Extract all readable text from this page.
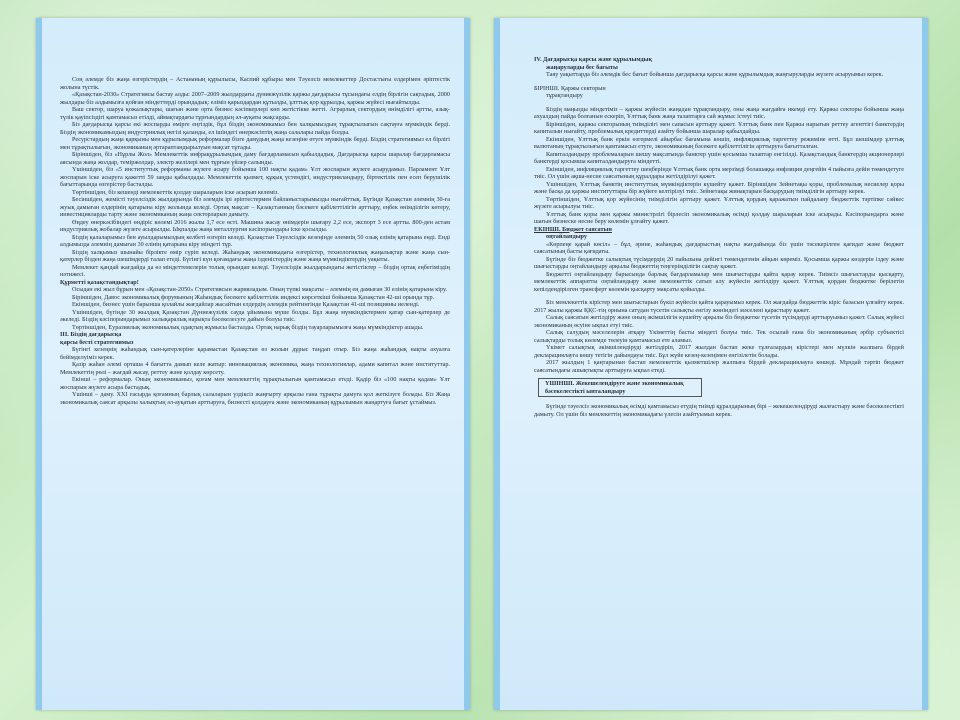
Соң əлемде біз жаңа өзгерістердің – Астананың құрылысы, Каспий құбыры мен Тəуелсіз мемлекеттер Достастығы елдерімен əріптестік жолына түстік.

«Қазақстан-2030» Стратегиясы бастау алды: 2007–2009 жылдардағы дүниежүзілік қаржы дағдарысы тұсындағы елдің бірлігін сақтадық. 2000 жылдары біз алдымызға қойған міндеттерді орындадық: еліміз қарыздардан құтылды, ұлттық қор құрылды, қаржы жүйесі нығайтылды.

Ваш сектор, шаруа қожалықтары, шағын жəне орта бизнес кəсіпкерлері көп жетістікке жетті. Аграрлық сектордың өнімділігі артты, азық-түлік қауіпсіздігі қамтамасыз етілді, аймақтардағы тұрғындардың əл-ауқаты жақсарды.

Біз дағдарысқа қарсы екі жоспарды өмірге еңгіздік, бұл біздің экономикамыз бен халқымыздың тұрақтылығын сақтауға мүмкіндік берді. Біздің экономикамыздың индустриялық негізі қаланды, ел ішіндегі өнеркəсіптің жаңа салалары пайда болды.

Ресурстардың жаңа қарқыны мен құрылымдық реформалар бізге дамудың жаңа кезеңіне өтуге мүмкіндік берді. Біздің стратегиямыз ел бірлігі мен тұрақтылығын, экономиканың əртараптандырылуын мақсат тұтады.

Біріншіден, біз «Нұрлы Жол» Мемлекеттік инфрақұрылымдық даму бағдарламасын қабылдадық. Дағдарысқа қарсы шаралар бағдарламасы аясында жаңа жолдар, теміржолдар, электр желілері мен тұрғын үйлер салынды.

Үшіншіден, біз «5 институттық реформаны жүзеге асыру бойынша 100 нақты қадам» Ұлт жоспарын жүзеге асырудамыз. Парламент Ұлт жоспарын іске асыруға қажетті 59 заңды қабылдады. Мемлекеттік қызмет, құқық үстемдігі, индустрияландыру, біртектілік пен есеп берушілік бағыттарында өзгерістер басталды.

Төртіншіден, біз кешенді мемлекеттік қолдау шараларын іске асырып келеміз.

Бесіншіден, жемісті тəуелсіздік жылдарында біз əлемдік ірі əріптестермен байланыстарымызды нығайттық. Бүгінде Қазақстан əлемнің 30-ға жуық дамыған елдерінің қатарына кіру жолында келеді. Ортақ мақсат – Қазақстанның бəсекеге қабілеттілігін арттыру, еңбек өнімділігін көтеру, инвестицияларды тарту жəне экономиканың жаңа секторларын дамыту.

Өңдеу өнеркəсібіндегі өндіріс көлемі 2016 жылы 1,7 есе өсті. Машина жасау өнімдерін шығару 2,2 есе, экспорт 3 есе артты. 800-ден астам индустриялық жобалар жүзеге асырылды. Ықпалды жаңа металлургия кəсіпорындары іске қосылды.

Біздің қалаларымыз бен ауылдарымыздың келбеті өзгеріп келеді. Қазақстан Тəуелсіздік кезеңінде əлемнің 50 озық елінің қатарына енді. Енді алдымызда əлемнің дамыған 30 елінің қатарына кіру міндеті тұр.

Біздің халқымыз шынайы бірлікте өмір сүріп келеді. Жаһандық экономикадағы өзгерістер, технологиялық жаңалықтар жəне жаңа сын-қатерлер бізден жаңа шешімдерді талап етеді. Бүгінгі күн қоғамдағы жаңа ізденістердің жəне жаңа мүмкіндіктердің уақыты.

Мемлекет қандай жағдайда да өз міндеттемелерін толық орындап келеді. Тəуелсіздік жылдарындағы жетістіктер – біздің ортақ еңбегіміздің нəтижесі.

Құрметті қазақстандықтар!

Осыдан екі жыл бұрын мен «Қазақстан-2050» Стратегиясын жарияладым. Оның түпкі мақсаты – əлемнің ең дамыған 30 елінің қатарына кіру.

Біріншіден, Давос экономикалық форумының Жаһандық бəсекеге қабілеттілік индексі көрсеткіші бойынша Қазақстан 42-ші орында тұр.

Екіншіден, бизнес үшін барынша қолайлы жағдайлар жасайтын елдердің əлемдік рейтингінде Қазақстан 41-ші позицияны иеленді.

Үшіншіден, бүгінде 30 жылдық Қазақстан Дүниежүзілік сауда ұйымына мүше болды. Бұл жаңа мүмкіндіктермен қатар сын-қатерлер де əкеледі. Біздің кəсіпорындарымыз халықаралық нарықта бəсекелесуге дайын болуы тиіс.

Төртіншіден, Еуразиялық экономикалық одақтың жұмысы басталды. Ортақ нарық біздің тауарларымызға жаңа мүмкіндіктер ашады.

III. Біздің дағдарысқа

қарсы бесті стратегиямыз

Бүгінгі кезеңнің жаһандық сын-қатерлеріне қарамастан Қазақстан өз жолын дұрыс таңдап отыр. Біз жаңа жаһандық нақты ахуалға бейімделуіміз керек.

Қазір жаһан əлемі орташа 4 бағытта дамып келе жатыр: инновациялық экономика, жаңа технологиялар, адами капитал жəне институттар. Мемлекеттің рөлі – жағдай жасау, реттеу жəне қолдау көрсету.

Екінші – реформалар. Оның экономикамыз, қоғам мен мемлекеттің тұрақтылығын қамтамасыз етеді. Қадір біз «100 нақты қадам» Ұлт жоспарын жүзеге асыра бастадық.

Үшінші – даму. XXI ғасырда қоғамның барлық салаларын үздіксіз жаңғырту арқылы ғана тұрақты дамуға қол жеткізуге болады. Біз Жаңа экономикалық саясат арқылы халықтың əл-ауқатын арттыруға, бизнесті қолдауға жəне экономиканың құрылымын жаңартуға бағыт ұстаймыз.

IV. Дағдарысқа қарсы жəне құрылымдық

жаңаруларды бес бағыты

Таяу уақыттарда біз əлемдік бес бағыт бойынша дағдарысқа қарсы жəне құрылымдық жаңғыруларды жүзеге асыруымыз керек.

БІРІНШІ. Қаржы секторын

тұрақтандыру

Біздің маңызды міндетіміз – қаржы жүйесін жаңадан тұрақтандыру, оны жаңа жағдайға икемді ету. Қаржы секторы бойынша жаңа ахуалдың пайда болғанын ескеріп, Ұлттық банк жаңа талаптарға сай жұмыс істеуі тиіс.

Біріншіден, қаржы секторының тиімділігі мен сапасын арттыру қажет. Ұлттық банк пен Қаржы нарығын реттеу агенттігі банктердің капиталын нығайту, проблемалық кредиттерді азайту бойынша шаралар қабылдайды.

Екіншіден, Ұлттық банк еркін өзгермелі айырбас бағамына көшіп, инфляциялық таргеттеу режиміне өтті. Бұл шешімдер ұлттық валютаның тұрақтылығын қамтамасыз етуге, экономиканың бəсекеге қабілеттілігін арттыруға бағытталған.

Капиталдандыру проблемаларын шешу мақсатында банктер үшін қосымша талаптар енгізілді. Қазақстандық банктердің акционерлері банктерді қосымша капиталдандыруға міндетті.

Екіншіден, инфляциялық таргеттеу шеңберінде Ұлттық банк орта мерзімді болашаққа инфляция деңгейін 4 пайызға дейін төмендетуге тиіс. Ол үшін ақша-несие саясатының құралдары жетілдірілуі қажет.

Үшіншіден, Ұлттық банктің институттық мүмкіндіктерін күшейту қажет. Біріншіден Зейнетақы қоры, проблемалық несиелер қоры жəне басқа да қаржы институттары бір жүйеге келтірілуі тиіс. Зейнетақы жинақтарын басқарудың тиімділігін арттыру керек.

Төртіншіден, Ұлттық қор жүйесінің тиімділігін арттыру қажет. Ұлттық қордың қаражатын пайдалану бюджеттік тəртіпке сəйкес жүзеге асырылуы тиіс.

Ұлттық банк қоры мен қаржы министрлігі бірлесіп экономикалық өсімді қолдау шараларын іске асырады. Кəсіпорындарға жəне шағын бизнеске несие беру көлемін ұлғайту қажет.

ЕКІНШІ. Бюджет саясатын

оңтайландыру

«Көрпеңе қарай көсіл» – бұл, əрине, жаһандық дағдарыстың нақты жағдайында біз үшін тəсекерілген қағидат жəне бюджет саясатының басты қағидаты.

Бүгінде біз бюджетке салықтық түсімдердің 20 пайызына дейінгі төмендегенін айқын көреміз. Қосымша қаржы көздерін іздеу жəне шығыстарды оңтайландыру арқылы бюджеттің теңгерімділігін сақтау қажет.

Бюджетті оңтайландыру барысында барлық бағдарламалар мен шығыстарды қайта қарау керек. Тиімсіз шығыстарды қысқарту, мемлекеттік аппаратты оңтайландыру жəне мемлекеттік сатып алу жүйесін жетілдіру қажет. Ұлттық қордан бюджетке берілетін кепілдендірілген трансферт көлемін қысқарту мақсаты қойылды.

Біз мемлекеттік кірістер мен шығыстарын бүкіл жүйесін қайта қарауымыз керек. Ол жағдайда бюджеттік кіріс базасын ұлғайту керек. 2017 жылы қаржы ҚҚС-тің орнына сатудан түсетін салықты енгізу жөніндегі мəселені қарастыру қажет.

Салық саясатын жетілдіру жəне оның əкімшілігін күшейту арқылы біз бюджетке түсетін түсімдерді арттыруымыз қажет. Салық жүйесі экономиканың өсуіне ықпал етуі тиіс.

Салық салудың мəселелерін атқару Үкіметтің басты міндеті болуы тиіс. Тек осылай ғана біз экономиканың əрбір субъектісі салықтарды толық көлемде төлеуін қамтамасыз ете аламыз.

Үкімет салықтық əкімшілендіруді жетілдіріп, 2017 жылдан бастап жеке тұлғалардың кірістері мен мүлкін жалпыға бірдей декларациялауға көшу тетігін дайындауы тиіс. Бұл жүйе кезең-кезеңімен енгізілетін болады.

2017 жылдың 1 қаңтарынан бастап мемлекеттік қызметшілер жалпыға бірдей декларациялауға көшеді. Мұндай тəртіп бюджет саясатындағы ашықтықты арттыруға ықпал етеді.

ҮШІНШІ. Жекешелендіруге жəне экономикалық бəсекелестікті ынталандыру

Бүгінде тəуелсіз экономикалық өсімді қамтамасыз етудің тиімді құралдарының бірі – жекешелендіруді жалғастыру жəне бəсекелестікті дамыту. Ол үшін біз мемлекеттің экономикадағы үлесін азайтуымыз керек.
